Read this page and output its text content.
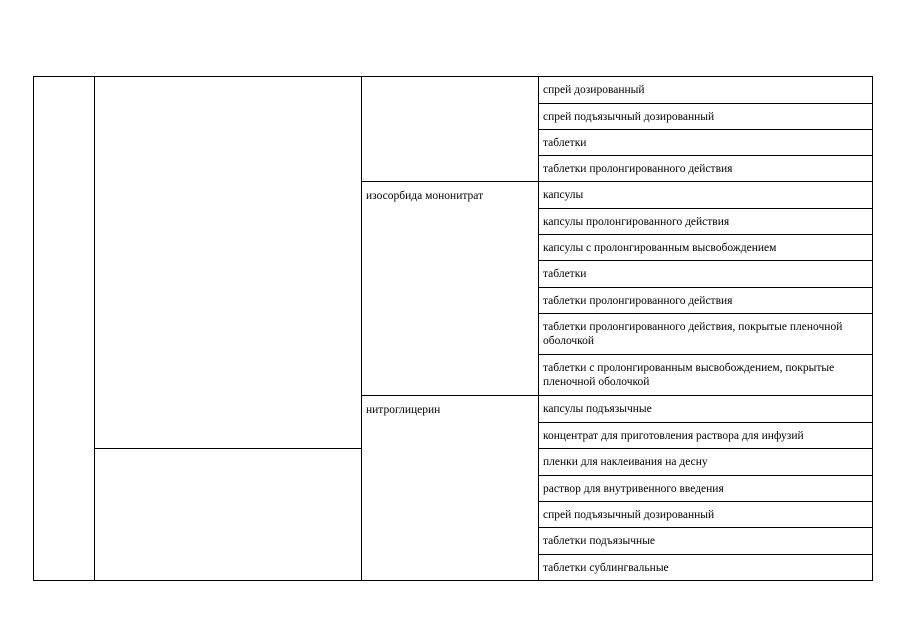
			спрей дозированный
			спрей подъязычный дозированный
			таблетки
			таблетки пролонгированного действия
		изосорбида мононитрат	капсулы
			капсулы пролонгированного действия
			капсулы с пролонгированным высвобождением
			таблетки
			таблетки пролонгированного действия
			таблетки пролонгированного действия, покрытые пленочной оболочкой
			таблетки с пролонгированным высвобождением, покрытые пленочной оболочкой
		нитроглицерин	капсулы подъязычные
			концентрат для приготовления раствора для инфузий
			пленки для наклеивания на десну
			раствор для внутривенного введения
			спрей подъязычный дозированный
			таблетки подъязычные
			таблетки сублингвальные
